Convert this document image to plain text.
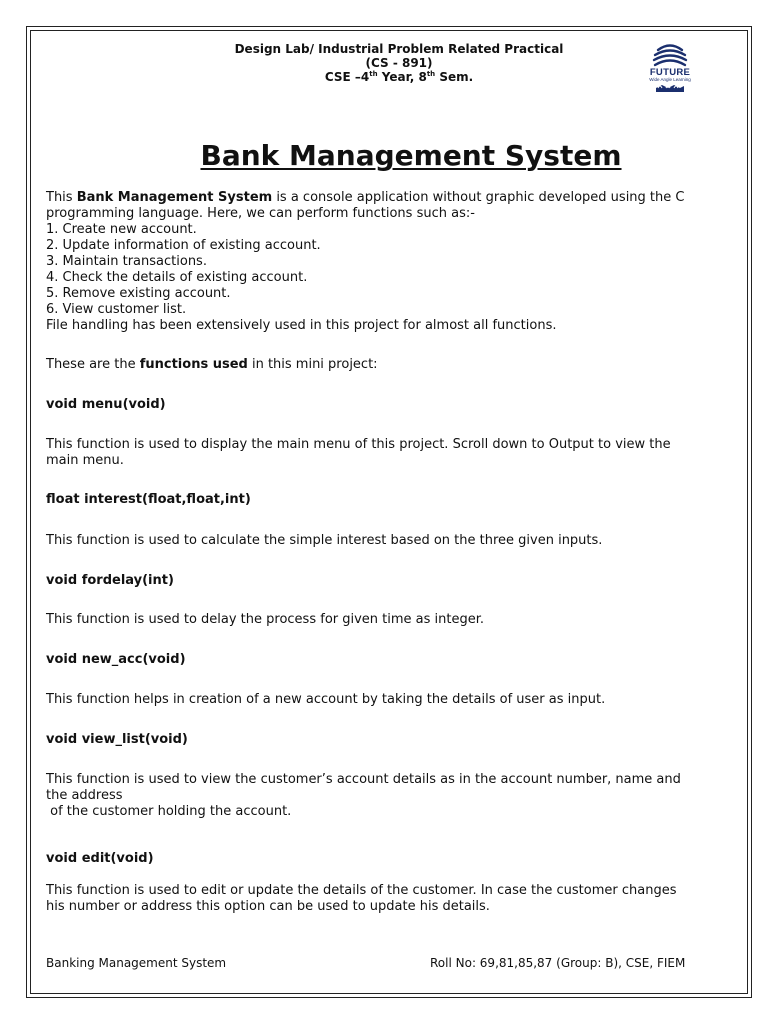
Design Lab/ Industrial Problem Related Practical
(CS - 891)
CSE –4th Year, 8th Sem.	FUTURE
Wide Angle Learning
Bank Management System
This Bank Management System is a console application without graphic developed using the C
programming language. Here, we can perform functions such as:-
1. Create new account.
2. Update information of existing account.
3. Maintain transactions.
4. Check the details of existing account.
5. Remove existing account.
6. View customer list.
File handling has been extensively used in this project for almost all functions.
These are the functions used in this mini project:
void menu(void)
This function is used to display the main menu of this project. Scroll down to Output to view the
main menu.
float interest(float,float,int)
This function is used to calculate the simple interest based on the three given inputs.
void fordelay(int)
This function is used to delay the process for given time as integer.
void new_acc(void)
This function helps in creation of a new account by taking the details of user as input.
void view_list(void)
This function is used to view the customer’s account details as in the account number, name and
the address
of the customer holding the account.
void edit(void)
This function is used to edit or update the details of the customer. In case the customer changes
his number or address this option can be used to update his details.
Banking Management System	Roll No: 69,81,85,87 (Group: B), CSE, FIEM
